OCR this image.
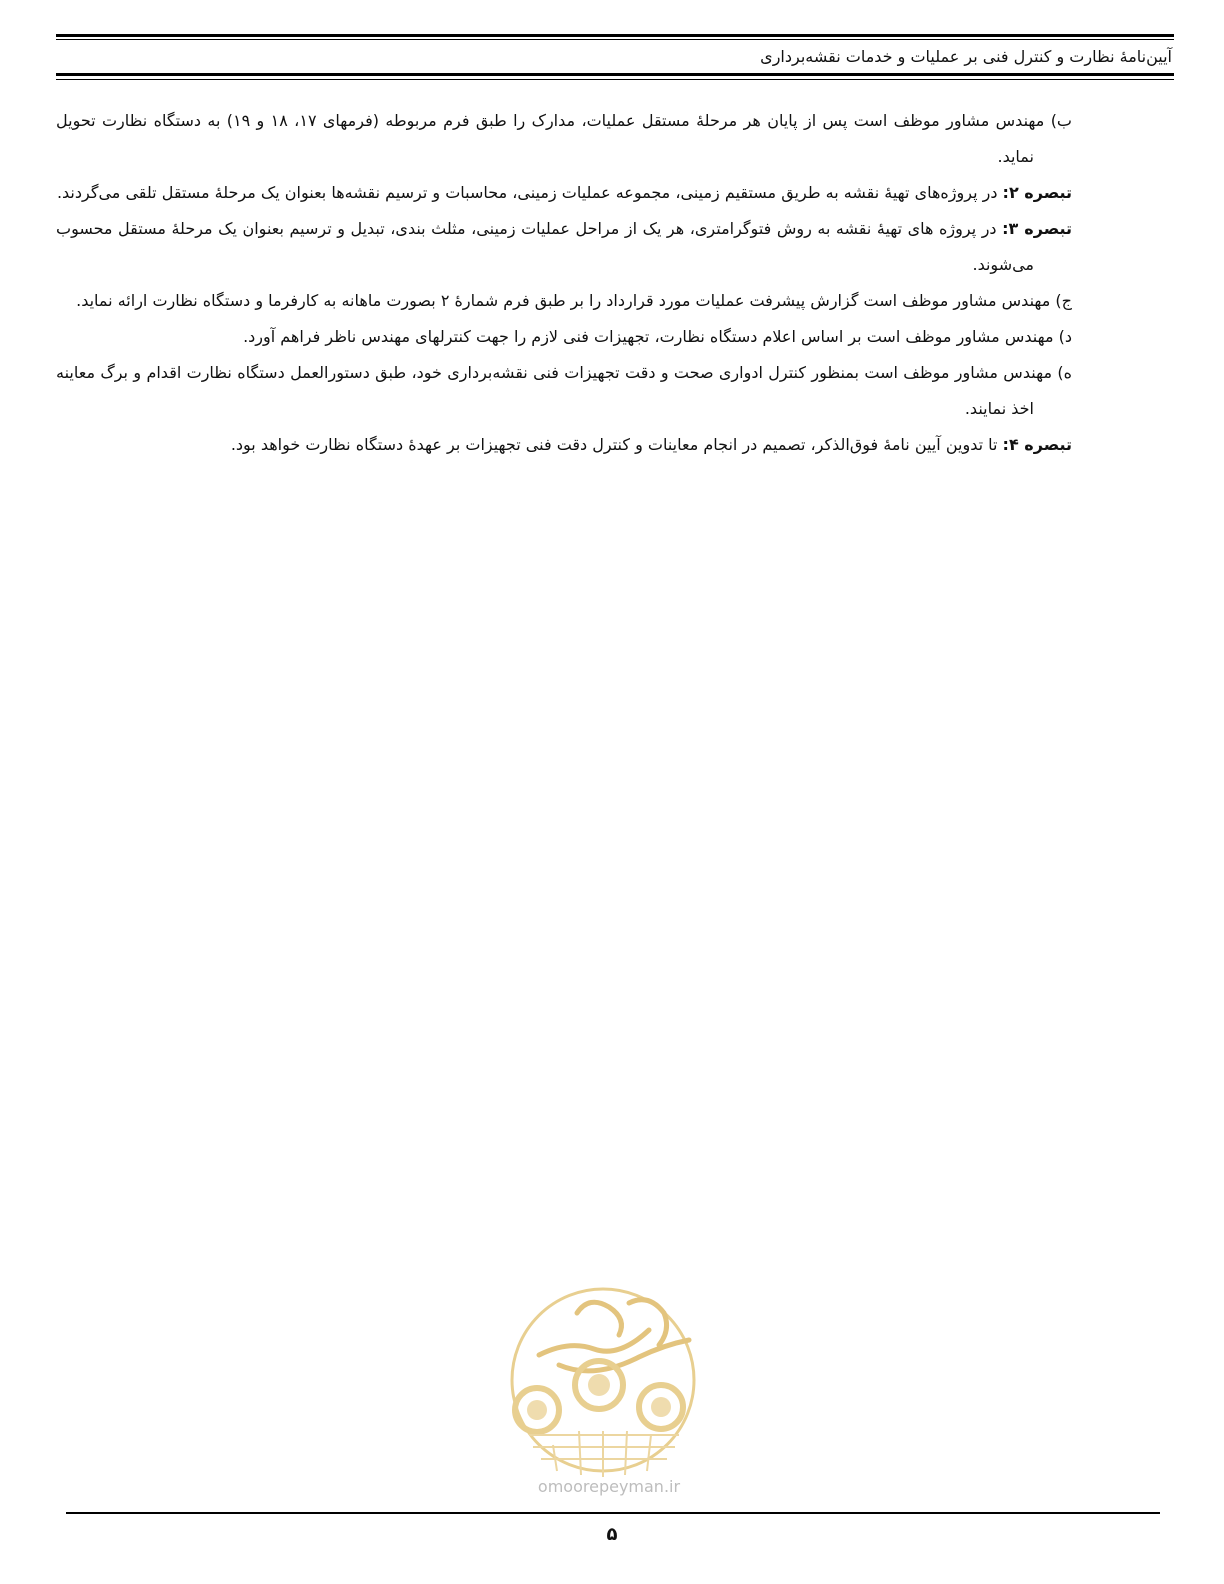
آیین‌نامهٔ نظارت و کنترل فنی بر عملیات و خدمات نقشه‌برداری

ب) مهندس مشاور موظف است پس از پایان هر مرحلهٔ مستقل عملیات، مدارک را طبق فرم مربوطه (فرمهای ۱۷، ۱۸ و ۱۹) به دستگاه نظارت تحویل نماید.

تبصره ۲: در پروژه‌های تهیهٔ نقشه به طریق مستقیم زمینی، مجموعه عملیات زمینی، محاسبات و ترسیم نقشه‌ها بعنوان یک مرحلهٔ مستقل تلقی می‌گردند.

تبصره ۳: در پروژه های تهیهٔ نقشه به روش فتوگرامتری، هر یک از مراحل عملیات زمینی، مثلث بندی، تبدیل و ترسیم بعنوان یک مرحلهٔ مستقل محسوب می‌شوند.

ج) مهندس مشاور موظف است گزارش پیشرفت عملیات مورد قرارداد را بر طبق فرم شمارهٔ ۲ بصورت ماهانه به کارفرما و دستگاه نظارت ارائه نماید.

د) مهندس مشاور موظف است بر اساس اعلام دستگاه نظارت، تجهیزات فنی لازم را جهت کنترلهای مهندس ناظر فراهم آورد.

ه) مهندس مشاور موظف است بمنظور کنترل ادواری صحت و دقت تجهیزات فنی نقشه‌برداری خود، طبق دستورالعمل دستگاه نظارت اقدام و برگ معاینه اخذ نمایند.

تبصره ۴: تا تدوین آیین نامهٔ فوق‌الذکر، تصمیم در انجام معاینات و کنترل دقت فنی تجهیزات بر عهدهٔ دستگاه نظارت خواهد بود.

omoorepeyman.ir
۵
